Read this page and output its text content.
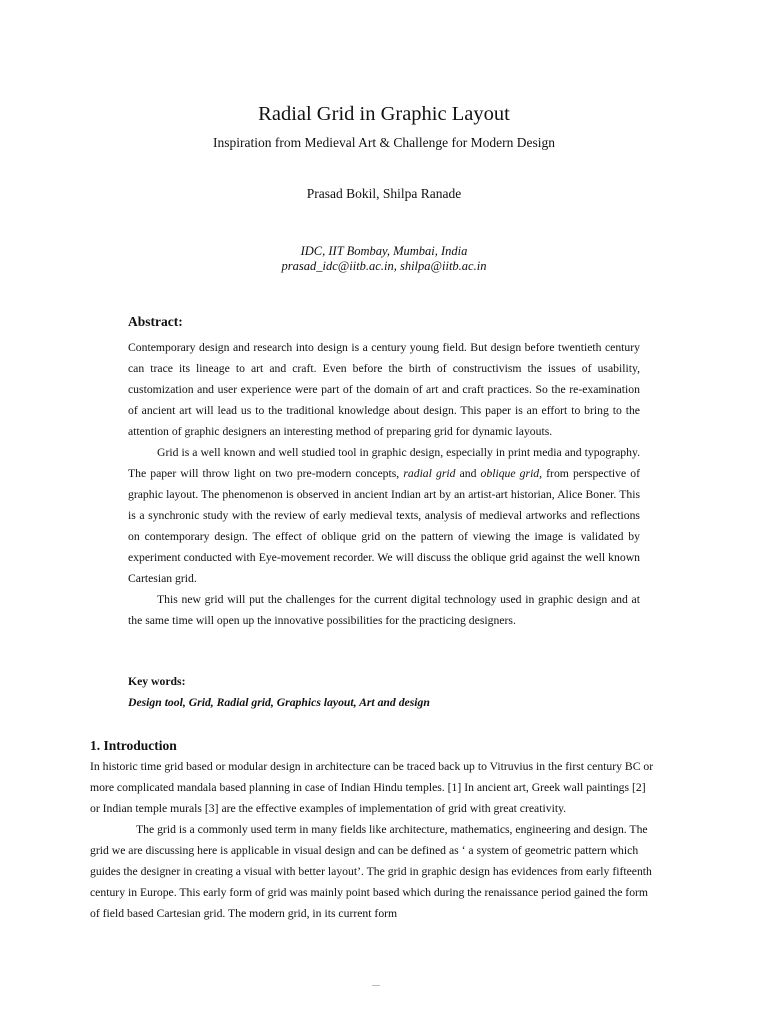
Radial Grid in Graphic Layout
Inspiration from Medieval Art & Challenge for Modern Design
Prasad Bokil, Shilpa Ranade
IDC, IIT Bombay, Mumbai, India
prasad_idc@iitb.ac.in, shilpa@iitb.ac.in
Abstract:

Contemporary design and research into design is a century young field. But design before twentieth century can trace its lineage to art and craft. Even before the birth of constructivism the issues of usability, customization and user experience were part of the domain of art and craft practices. So the re-examination of ancient art will lead us to the traditional knowledge about design. This paper is an effort to bring to the attention of graphic designers an interesting method of preparing grid for dynamic layouts.

Grid is a well known and well studied tool in graphic design, especially in print media and typography. The paper will throw light on two pre-modern concepts, radial grid and oblique grid, from perspective of graphic layout. The phenomenon is observed in ancient Indian art by an artist-art historian, Alice Boner. This is a synchronic study with the review of early medieval texts, analysis of medieval artworks and reflections on contemporary design. The effect of oblique grid on the pattern of viewing the image is validated by experiment conducted with Eye-movement recorder. We will discuss the oblique grid against the well known Cartesian grid.

This new grid will put the challenges for the current digital technology used in graphic design and at the same time will open up the innovative possibilities for the practicing designers.

Key words:
Design tool, Grid, Radial grid, Graphics layout, Art and design
1. Introduction

In historic time grid based or modular design in architecture can be traced back up to Vitruvius in the first century BC or more complicated mandala based planning in case of Indian Hindu temples. [1] In ancient art, Greek wall paintings [2] or Indian temple murals [3] are the effective examples of implementation of grid with great creativity.

The grid is a commonly used term in many fields like architecture, mathematics, engineering and design. The grid we are discussing here is applicable in visual design and can be defined as ‘ a system of geometric pattern which guides the designer in creating a visual with better layout’. The grid in graphic design has evidences from early fifteenth century in Europe. This early form of grid was mainly point based which during the renaissance period gained the form of field based Cartesian grid. The modern grid, in its current form
